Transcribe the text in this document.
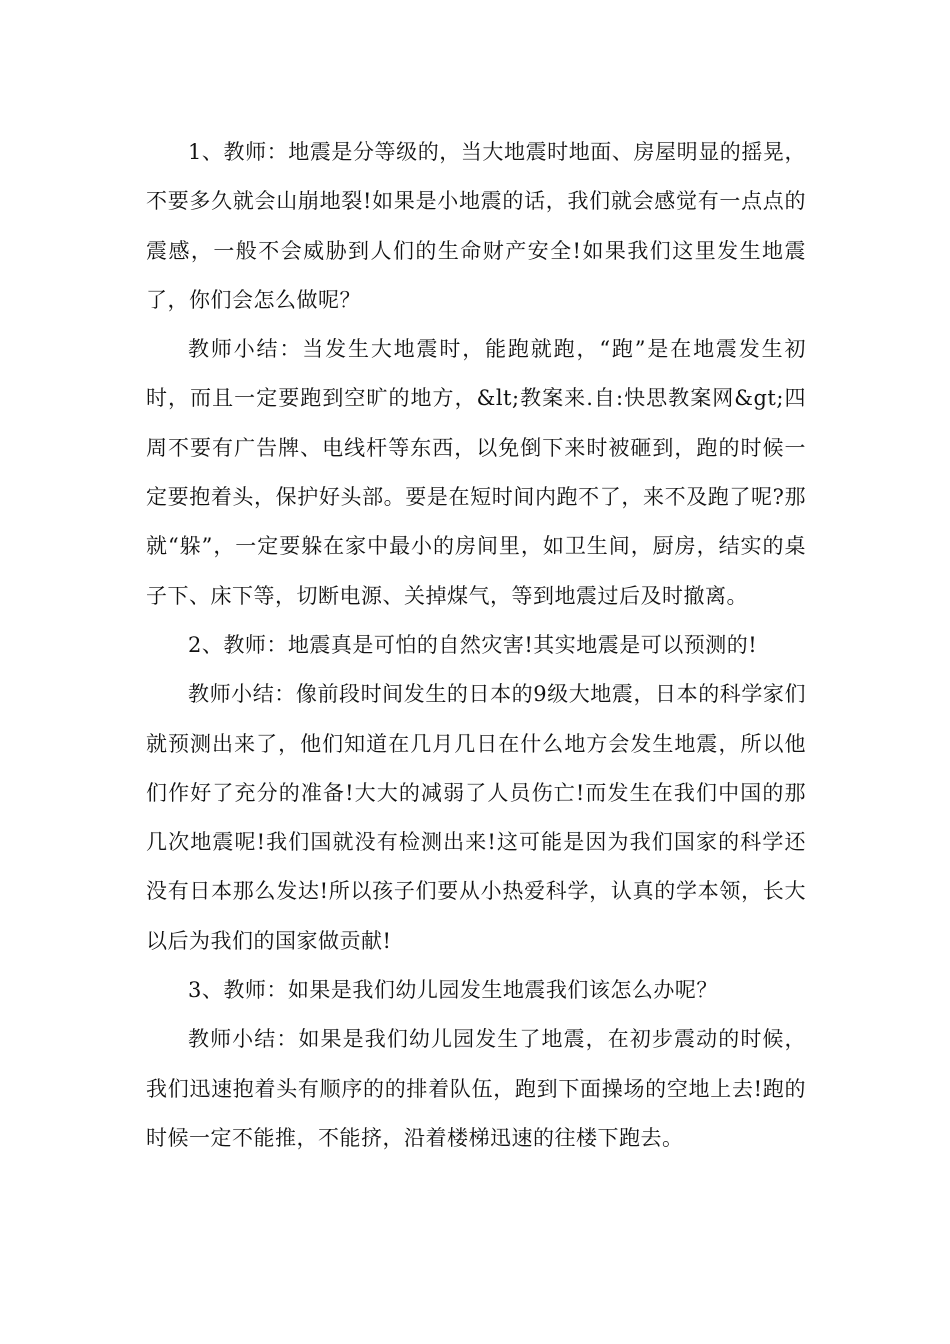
1、教师：地震是分等级的，当大地震时地面、房屋明显的摇晃，不要多久就会山崩地裂!如果是小地震的话，我们就会感觉有一点点的震感，一般不会威胁到人们的生命财产安全!如果我们这里发生地震了，你们会怎么做呢？

教师小结：当发生大地震时，能跑就跑，“跑”是在地震发生初时，而且一定要跑到空旷的地方，&lt;教案来.自:快思教案网&gt;四周不要有广告牌、电线杆等东西，以免倒下来时被砸到，跑的时候一定要抱着头，保护好头部。要是在短时间内跑不了，来不及跑了呢?那就“躲”，一定要躲在家中最小的房间里，如卫生间，厨房，结实的桌子下、床下等，切断电源、关掉煤气，等到地震过后及时撤离。

2、教师：地震真是可怕的自然灾害!其实地震是可以预测的!

教师小结：像前段时间发生的日本的9级大地震，日本的科学家们就预测出来了，他们知道在几月几日在什么地方会发生地震，所以他们作好了充分的准备!大大的减弱了人员伤亡!而发生在我们中国的那几次地震呢!我们国就没有检测出来!这可能是因为我们国家的科学还没有日本那么发达!所以孩子们要从小热爱科学，认真的学本领，长大以后为我们的国家做贡献!

3、教师：如果是我们幼儿园发生地震我们该怎么办呢？

教师小结：如果是我们幼儿园发生了地震，在初步震动的时候，我们迅速抱着头有顺序的的排着队伍，跑到下面操场的空地上去!跑的时候一定不能推，不能挤，沿着楼梯迅速的往楼下跑去。
